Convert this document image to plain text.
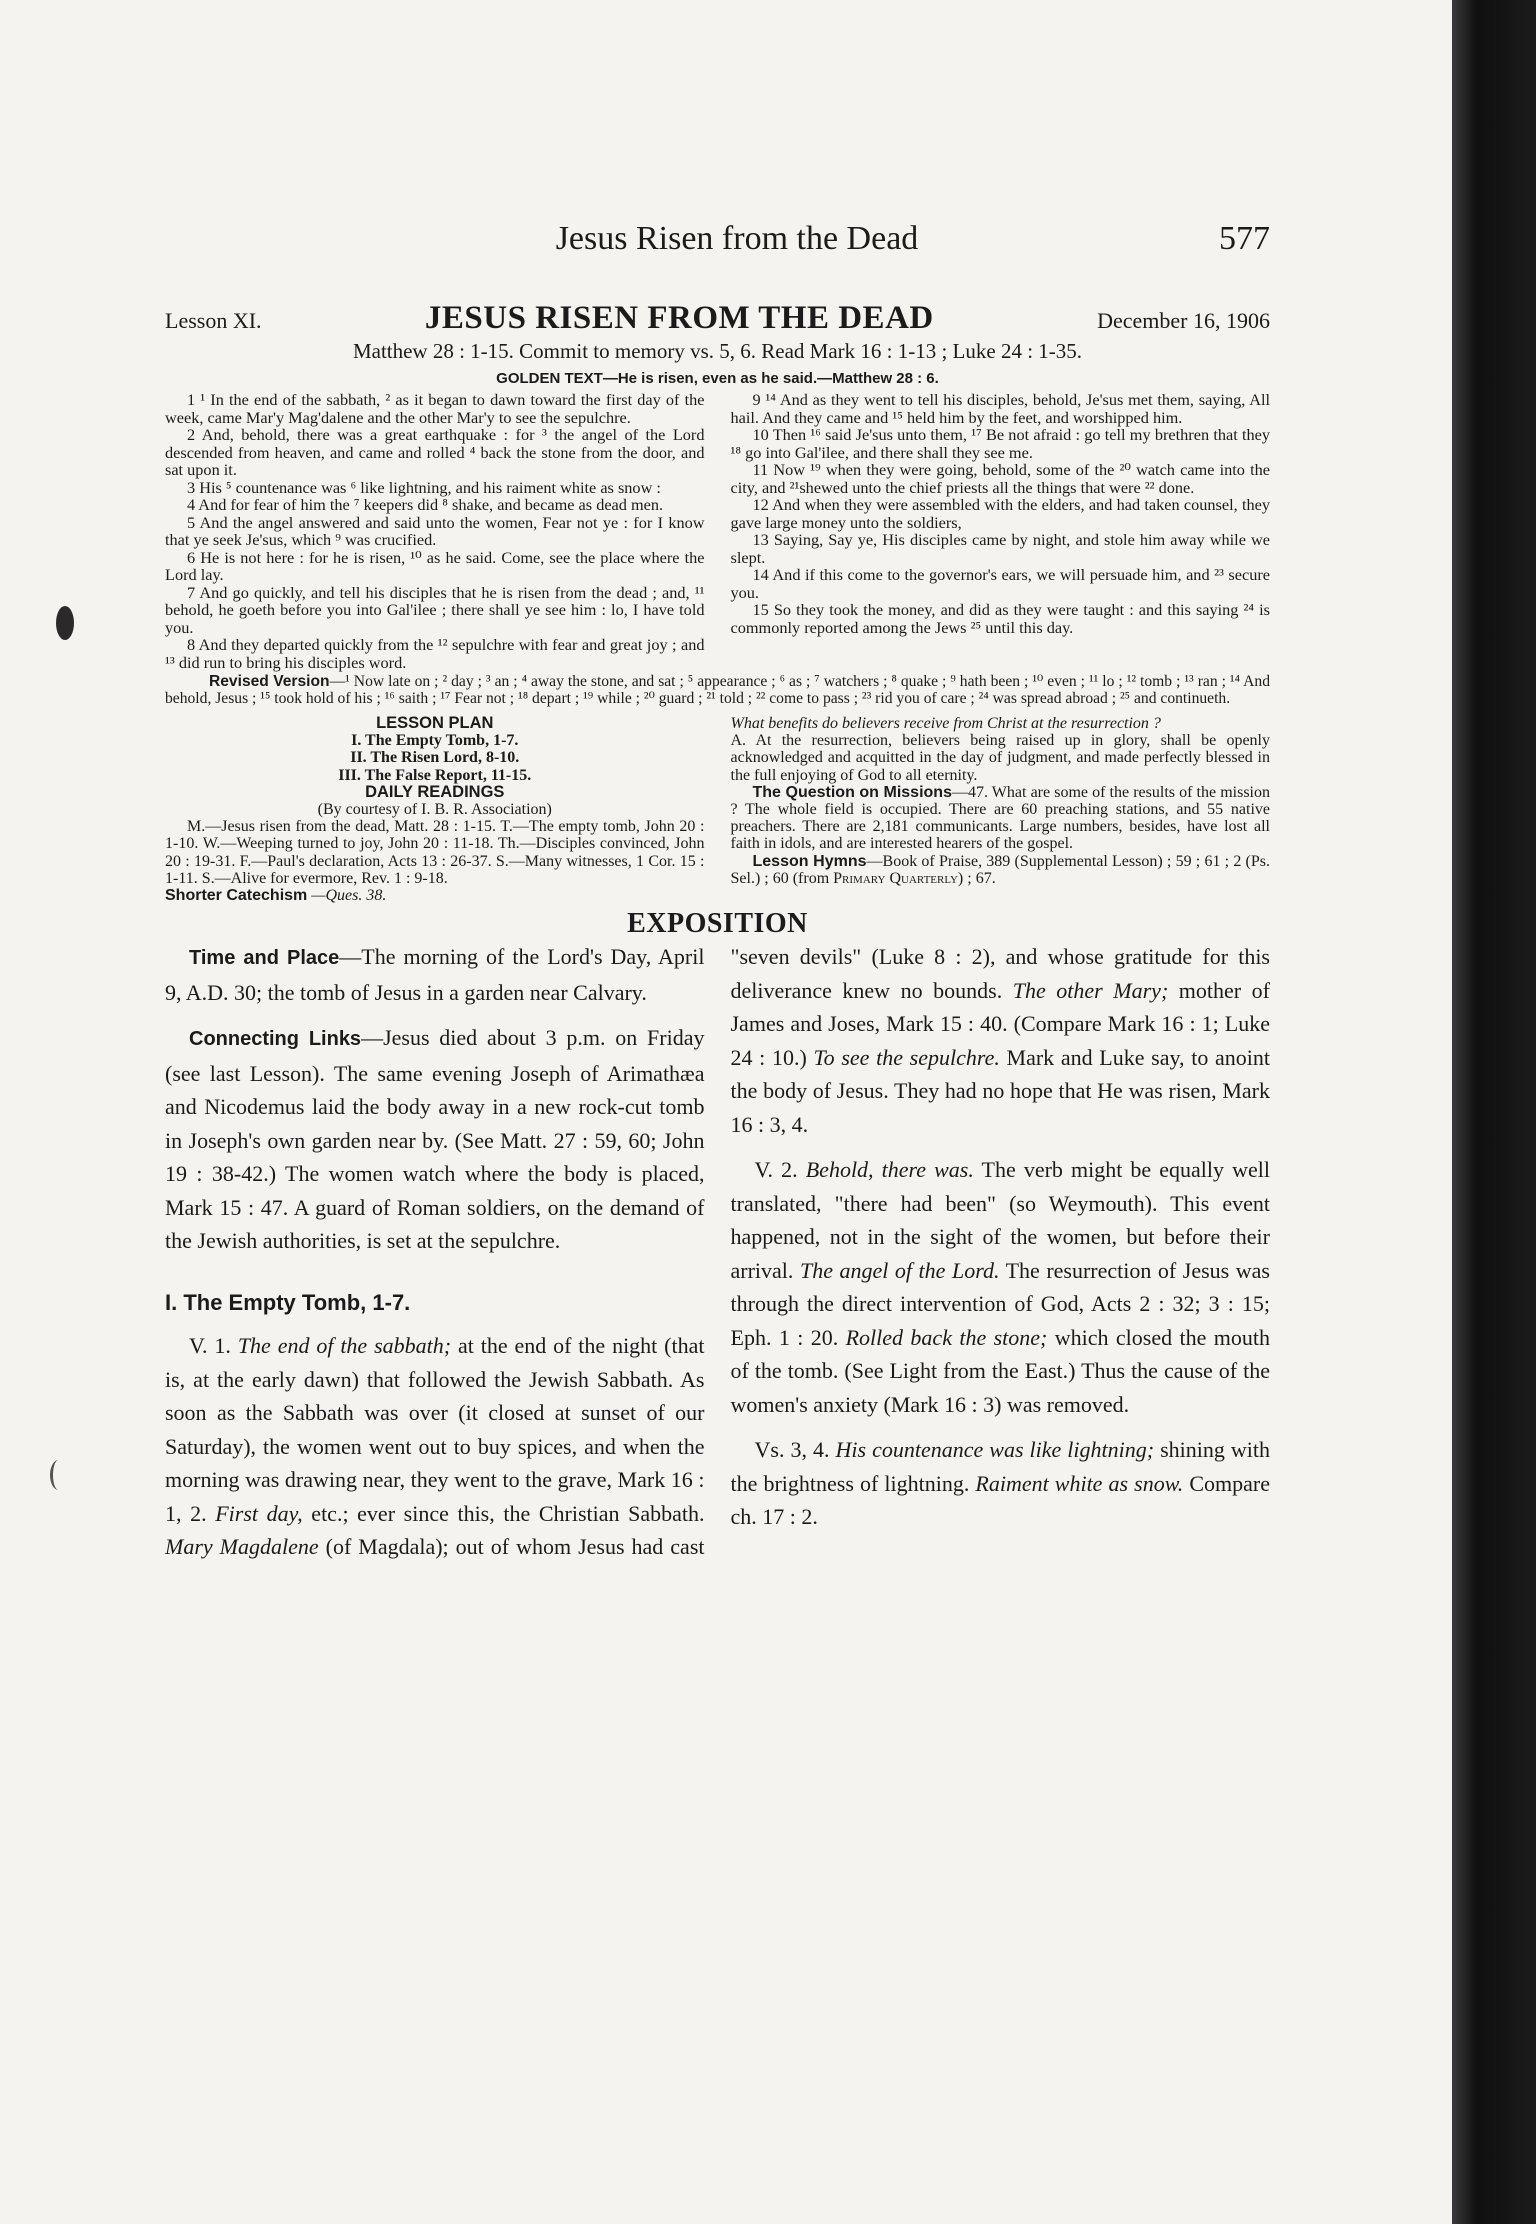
Jesus Risen from the Dead	577
Lesson XI.	JESUS RISEN FROM THE DEAD	December 16, 1906
Matthew 28 : 1-15. Commit to memory vs. 5, 6. Read Mark 16 : 1-13 ; Luke 24 : 1-35.
GOLDEN TEXT—He is risen, even as he said.—Matthew 28 : 6.

1 ¹ In the end of the sabbath, ² as it began to dawn toward the first day of the week, came Mar'y Mag'dalene and the other Mar'y to see the sepulchre.

2 And, behold, there was a great earthquake : for ³ the angel of the Lord descended from heaven, and came and rolled ⁴ back the stone from the door, and sat upon it.

3 His ⁵ countenance was ⁶ like lightning, and his raiment white as snow :

4 And for fear of him the ⁷ keepers did ⁸ shake, and became as dead men.

5 And the angel answered and said unto the women, Fear not ye : for I know that ye seek Je'sus, which ⁹ was crucified.

6 He is not here : for he is risen, ¹⁰ as he said. Come, see the place where the Lord lay.

7 And go quickly, and tell his disciples that he is risen from the dead ; and, ¹¹ behold, he goeth before you into Gal'ilee ; there shall ye see him : lo, I have told you.

8 And they departed quickly from the ¹² sepulchre with fear and great joy ; and ¹³ did run to bring his disciples word.

9 ¹⁴ And as they went to tell his disciples, behold, Je'sus met them, saying, All hail. And they came and ¹⁵ held him by the feet, and worshipped him.

10 Then ¹⁶ said Je'sus unto them, ¹⁷ Be not afraid : go tell my brethren that they ¹⁸ go into Gal'ilee, and there shall they see me.

11 Now ¹⁹ when they were going, behold, some of the ²⁰ watch came into the city, and ²¹shewed unto the chief priests all the things that were ²² done.

12 And when they were assembled with the elders, and had taken counsel, they gave large money unto the soldiers,

13 Saying, Say ye, His disciples came by night, and stole him away while we slept.

14 And if this come to the governor's ears, we will persuade him, and ²³ secure you.

15 So they took the money, and did as they were taught : and this saying ²⁴ is commonly reported among the Jews ²⁵ until this day.

Revised Version—¹ Now late on ; ² day ; ³ an ; ⁴ away the stone, and sat ; ⁵ appearance ; ⁶ as ; ⁷ watchers ; ⁸ quake ; ⁹ hath been ; ¹⁰ even ; ¹¹ lo ; ¹² tomb ; ¹³ ran ; ¹⁴ And behold, Jesus ; ¹⁵ took hold of his ; ¹⁶ saith ; ¹⁷ Fear not ; ¹⁸ depart ; ¹⁹ while ; ²⁰ guard ; ²¹ told ; ²² come to pass ; ²³ rid you of care ; ²⁴ was spread abroad ; ²⁵ and continueth.
LESSON PLAN
I. The Empty Tomb, 1-7.
II. The Risen Lord, 8-10.
III. The False Report, 11-15.
DAILY READINGS
(By courtesy of I. B. R. Association)
M.—Jesus risen from the dead, Matt. 28 : 1-15. T.—The empty tomb, John 20 : 1-10. W.—Weeping turned to joy, John 20 : 11-18. Th.—Disciples convinced, John 20 : 19-31. F.—Paul's declaration, Acts 13 : 26-37. S.—Many witnesses, 1 Cor. 15 : 1-11. S.—Alive for evermore, Rev. 1 : 9-18.
Shorter Catechism —Ques. 38.
What benefits do believers receive from Christ at the resurrection ?
A. At the resurrection, believers being raised up in glory, shall be openly acknowledged and acquitted in the day of judgment, and made perfectly blessed in the full enjoying of God to all eternity.
The Question on Missions—47. What are some of the results of the mission ? The whole field is occupied. There are 60 preaching stations, and 55 native preachers. There are 2,181 communicants. Large numbers, besides, have lost all faith in idols, and are interested hearers of the gospel.
Lesson Hymns—Book of Praise, 389 (Supplemental Lesson) ; 59 ; 61 ; 2 (Ps. Sel.) ; 60 (from Primary Quarterly) ; 67.
EXPOSITION

Time and Place—The morning of the Lord's Day, April 9, A.D. 30; the tomb of Jesus in a garden near Calvary.

Connecting Links—Jesus died about 3 p.m. on Friday (see last Lesson). The same evening Joseph of Arimathæa and Nicodemus laid the body away in a new rock-cut tomb in Joseph's own garden near by. (See Matt. 27 : 59, 60; John 19 : 38-42.) The women watch where the body is placed, Mark 15 : 47. A guard of Roman soldiers, on the demand of the Jewish authorities, is set at the sepulchre.

I. The Empty Tomb, 1-7.

V. 1. The end of the sabbath; at the end of the night (that is, at the early dawn) that followed the Jewish Sabbath. As soon as the Sabbath was over (it closed at sunset of our Saturday), the women went out to buy spices, and when the morning was drawing near, they went to the grave, Mark 16 : 1, 2. First day, etc.; ever since this, the Christian Sabbath. Mary Magdalene (of Magdala); out of whom Jesus had cast "seven devils" (Luke 8 : 2), and whose gratitude for this deliverance knew no bounds. The other Mary; mother of James and Joses, Mark 15 : 40. (Compare Mark 16 : 1; Luke 24 : 10.) To see the sepulchre. Mark and Luke say, to anoint the body of Jesus. They had no hope that He was risen, Mark 16 : 3, 4.

V. 2. Behold, there was. The verb might be equally well translated, "there had been" (so Weymouth). This event happened, not in the sight of the women, but before their arrival. The angel of the Lord. The resurrection of Jesus was through the direct intervention of God, Acts 2 : 32; 3 : 15; Eph. 1 : 20. Rolled back the stone; which closed the mouth of the tomb. (See Light from the East.) Thus the cause of the women's anxiety (Mark 16 : 3) was removed.

Vs. 3, 4. His countenance was like lightning; shining with the brightness of lightning. Raiment white as snow. Compare ch. 17 : 2.
